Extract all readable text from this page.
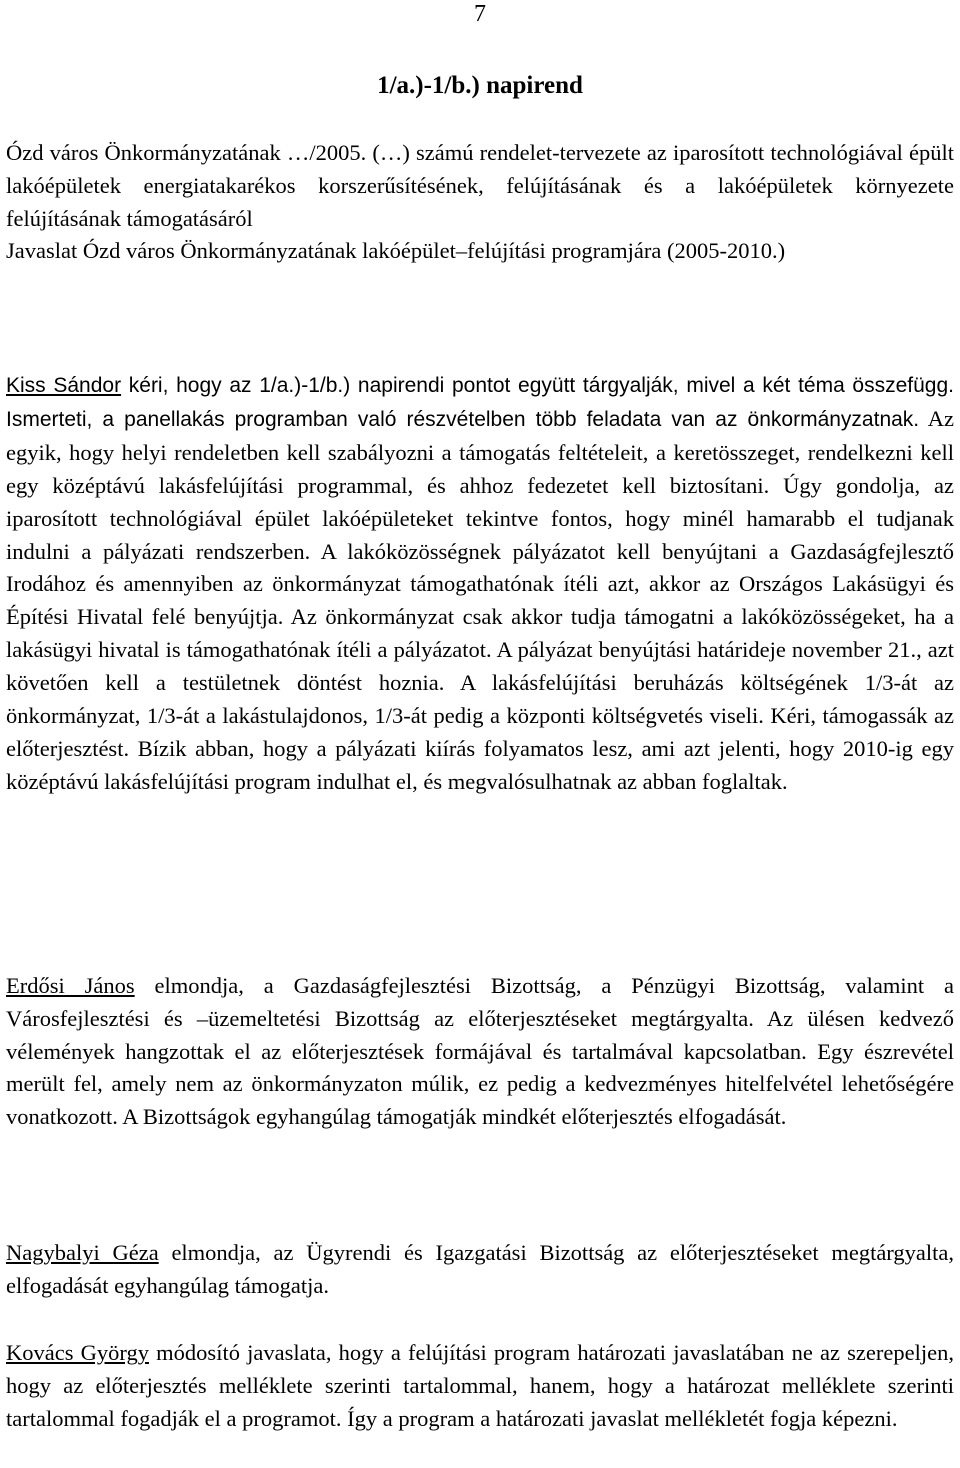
7
1/a.)-1/b.) napirend
Ózd város Önkormányzatának …/2005. (…) számú rendelet-tervezete az iparosított technológiával épült lakóépületek energiatakarékos korszerűsítésének, felújításának és a lakóépületek környezete felújításának támogatásáról
Javaslat Ózd város Önkormányzatának lakóépület–felújítási programjára (2005-2010.)

Kiss Sándor kéri, hogy az 1/a.)-1/b.) napirendi pontot együtt tárgyalják, mivel a két téma összefügg. Ismerteti, a panellakás programban való részvételben több feladata van az önkormányzatnak. Az egyik, hogy helyi rendeletben kell szabályozni a támogatás feltételeit, a keretösszeget, rendelkezni kell egy középtávú lakásfelújítási programmal, és ahhoz fedezetet kell biztosítani. Úgy gondolja, az iparosított technológiával épület lakóépületeket tekintve fontos, hogy minél hamarabb el tudjanak indulni a pályázati rendszerben. A lakóközösségnek pályázatot kell benyújtani a Gazdaságfejlesztő Irodához és amennyiben az önkormányzat támogathatónak ítéli azt, akkor az Országos Lakásügyi és Építési Hivatal felé benyújtja. Az önkormányzat csak akkor tudja támogatni a lakóközösségeket, ha a lakásügyi hivatal is támogathatónak ítéli a pályázatot. A pályázat benyújtási határideje november 21., azt követően kell a testületnek döntést hoznia. A lakásfelújítási beruházás költségének 1/3-át az önkormányzat, 1/3-át a lakástulajdonos, 1/3-át pedig a központi költségvetés viseli. Kéri, támogassák az előterjesztést. Bízik abban, hogy a pályázati kiírás folyamatos lesz, ami azt jelenti, hogy 2010-ig egy középtávú lakásfelújítási program indulhat el, és megvalósulhatnak az abban foglaltak.

Erdősi János elmondja, a Gazdaságfejlesztési Bizottság, a Pénzügyi Bizottság, valamint a Városfejlesztési és –üzemeltetési Bizottság az előterjesztéseket megtárgyalta. Az ülésen kedvező vélemények hangzottak el az előterjesztések formájával és tartalmával kapcsolatban. Egy észrevétel merült fel, amely nem az önkormányzaton múlik, ez pedig a kedvezményes hitelfelvétel lehetőségére vonatkozott. A Bizottságok egyhangúlag támogatják mindkét előterjesztés elfogadását.

Nagybalyi Géza elmondja, az Ügyrendi és Igazgatási Bizottság az előterjesztéseket megtárgyalta, elfogadását egyhangúlag támogatja.

Kovács György módosító javaslata, hogy a felújítási program határozati javaslatában ne az szerepeljen, hogy az előterjesztés melléklete szerinti tartalommal, hanem, hogy a határozat melléklete szerinti tartalommal fogadják el a programot. Így a program a határozati javaslat mellékletét fogja képezni.
